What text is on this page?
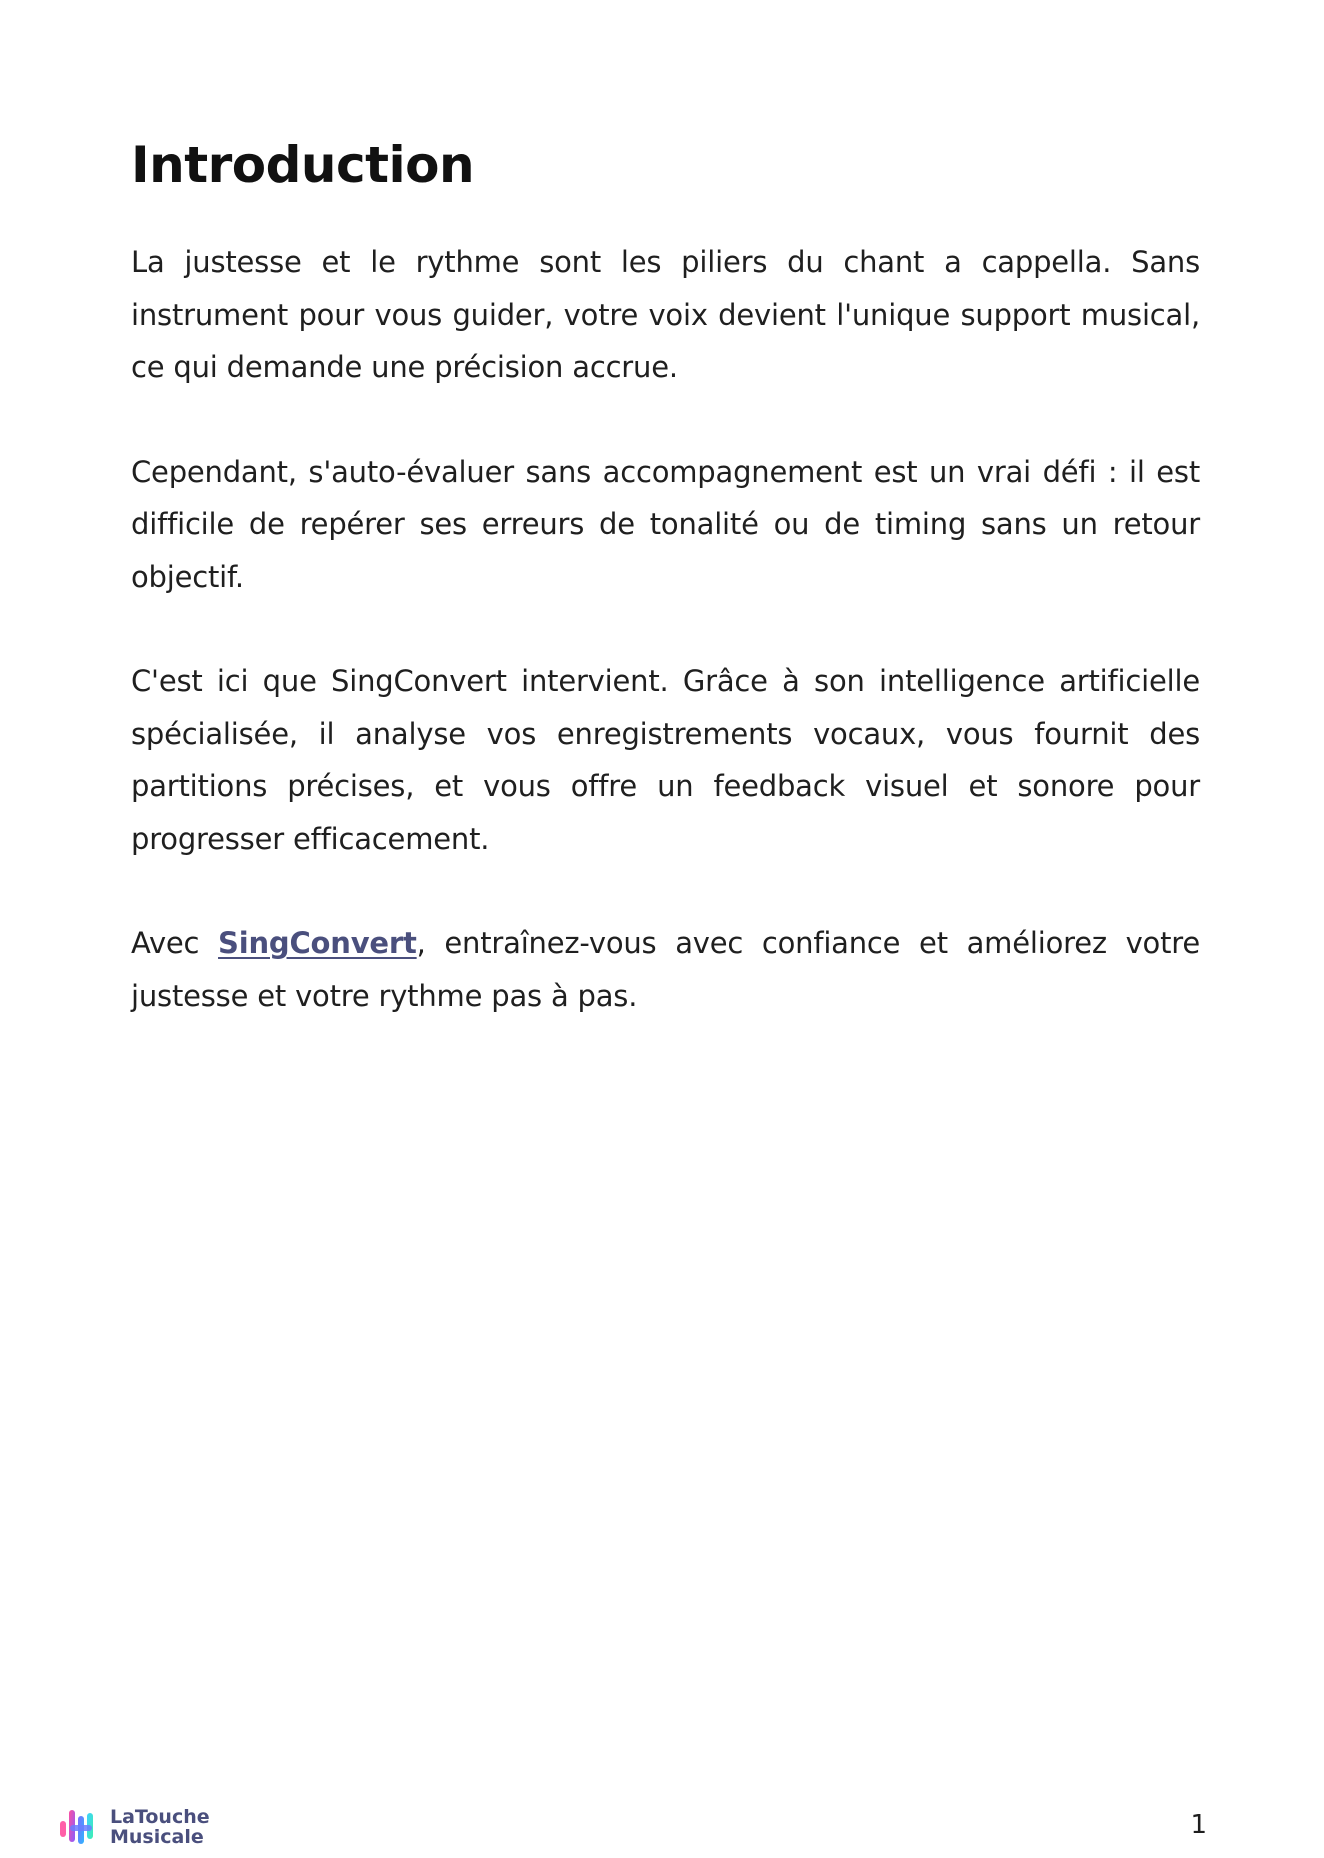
Introduction

La justesse et le rythme sont les piliers du chant a cappella. Sans instrument pour vous guider, votre voix devient l'unique support musical, ce qui demande une précision accrue.

Cependant, s'auto-évaluer sans accompagnement est un vrai défi : il est difficile de repérer ses erreurs de tonalité ou de timing sans un retour objectif.

C'est ici que SingConvert intervient. Grâce à son intelligence artificielle spécialisée, il analyse vos enregistrements vocaux, vous fournit des partitions précises, et vous offre un feedback visuel et sonore pour progresser efficacement.

Avec SingConvert, entraînez-vous avec confiance et améliorez votre justesse et votre rythme pas à pas.

LaTouche
Musicale	1
